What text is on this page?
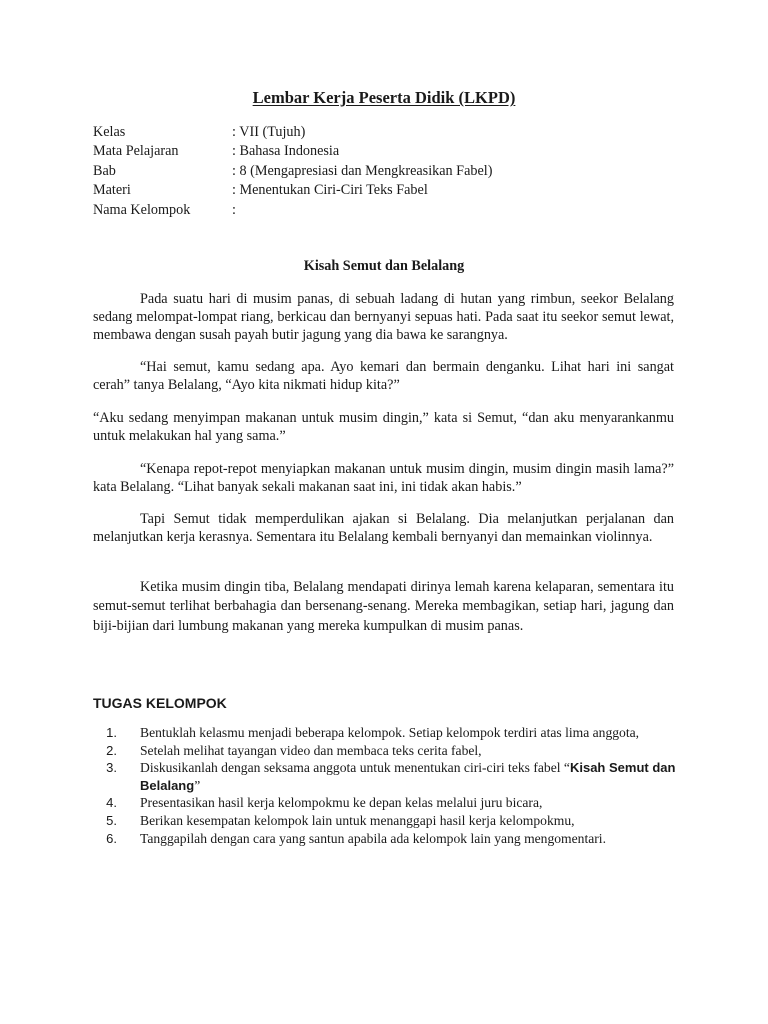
Lembar Kerja Peserta Didik (LKPD)
Kelas	: VII (Tujuh)
Mata Pelajaran	: Bahasa Indonesia
Bab	: 8 (Mengapresiasi dan Mengkreasikan Fabel)
Materi	: Menentukan Ciri-Ciri Teks Fabel
Nama Kelompok	:
Kisah Semut dan Belalang

Pada suatu hari di musim panas, di sebuah ladang di hutan yang rimbun, seekor Belalang sedang melompat-lompat riang, berkicau dan bernyanyi sepuas hati. Pada saat itu seekor semut lewat, membawa dengan susah payah butir jagung yang dia bawa ke sarangnya.

“Hai semut, kamu sedang apa. Ayo kemari dan bermain denganku. Lihat hari ini sangat cerah” tanya Belalang, “Ayo kita nikmati hidup kita?”

“Aku sedang menyimpan makanan untuk musim dingin,” kata si Semut, “dan aku menyarankanmu untuk melakukan hal yang sama.”

“Kenapa repot-repot menyiapkan makanan untuk musim dingin, musim dingin masih lama?” kata Belalang. “Lihat banyak sekali makanan saat ini, ini tidak akan habis.”

Tapi Semut tidak memperdulikan ajakan si Belalang. Dia melanjutkan perjalanan dan melanjutkan kerja kerasnya. Sementara itu Belalang kembali bernyanyi dan memainkan violinnya.

Ketika musim dingin tiba, Belalang mendapati dirinya lemah karena kelaparan, sementara itu semut-semut terlihat berbahagia dan bersenang-senang. Mereka membagikan, setiap hari, jagung dan biji-bijian dari lumbung makanan yang mereka kumpulkan di musim panas.

TUGAS KELOMPOK
1.	Bentuklah kelasmu menjadi beberapa kelompok. Setiap kelompok terdiri atas lima anggota,
2.	Setelah melihat tayangan video dan membaca teks cerita fabel,
3.	Diskusikanlah dengan seksama anggota untuk menentukan ciri-ciri teks fabel “Kisah Semut dan Belalang”
4.	Presentasikan hasil kerja kelompokmu ke depan kelas melalui juru bicara,
5.	Berikan kesempatan kelompok lain untuk menanggapi hasil kerja kelompokmu,
6.	Tanggapilah dengan cara yang santun apabila ada kelompok lain yang mengomentari.
